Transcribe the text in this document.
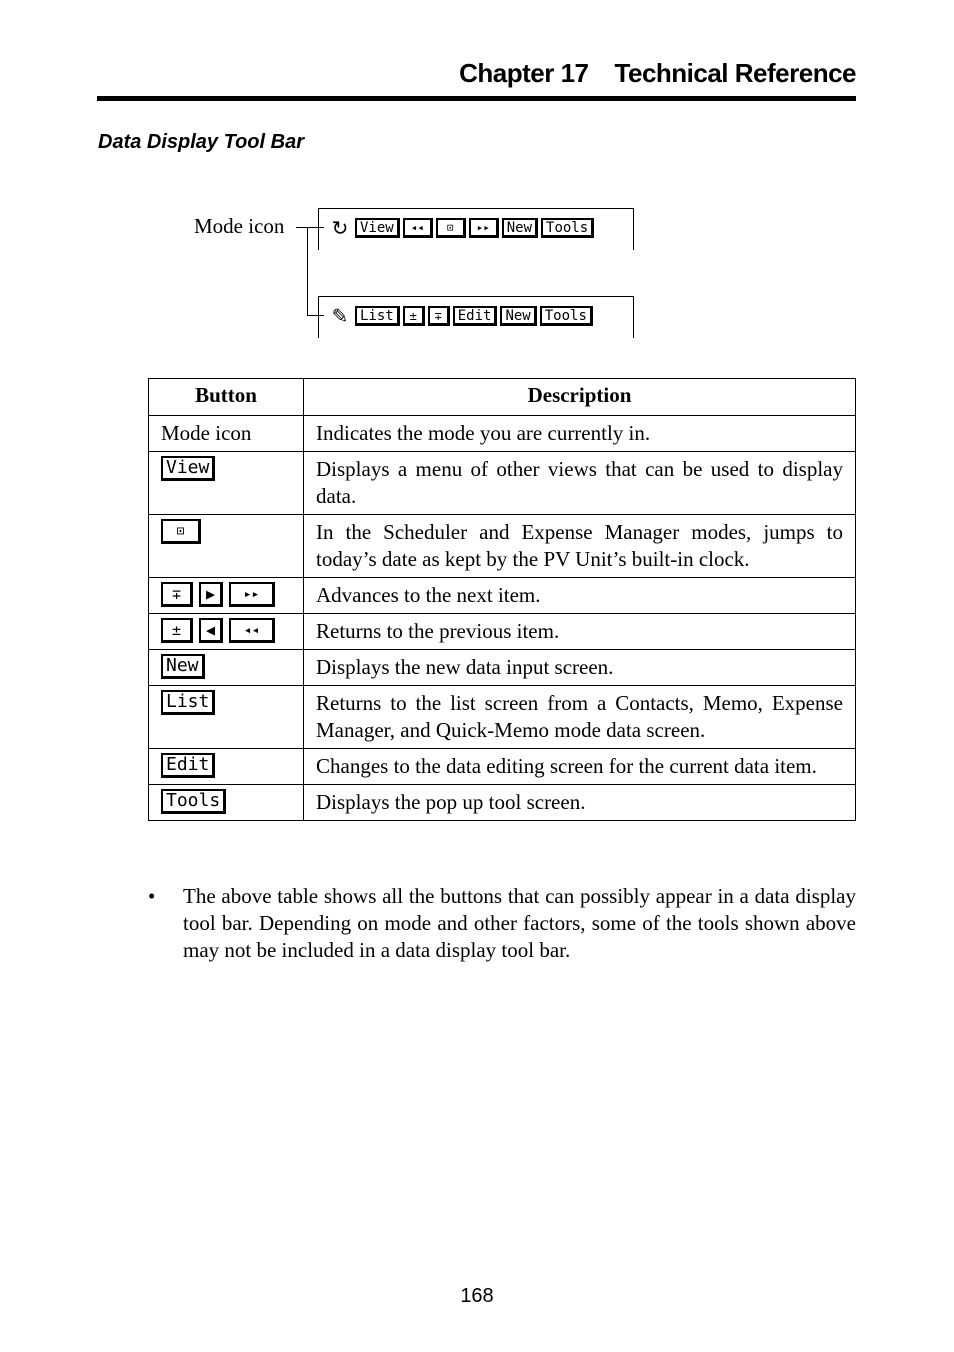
Chapter 17 Technical Reference
Data Display Tool Bar
Mode icon ↻ View	◂◂	⊡	▸▸	New	Tools
✎ List	±	∓	Edit	New	Tools
Button	Description
Mode icon	Indicates the mode you are currently in.

View	Displays a menu of other views that can be used to display data.

⊡	In the Scheduler and Expense Manager modes, jumps to today’s date as kept by the PV Unit’s built-in clock.

∓ ▶ ▸▸	Advances to the next item.

± ◀ ◂◂	Returns to the previous item.

New	Displays the new data input screen.

List	Returns to the list screen from a Contacts, Memo, Expense Manager, and Quick-Memo mode data screen.

Edit	Changes to the data editing screen for the current data item.

Tools	Displays the pop up tool screen.
•	The above table shows all the buttons that can possibly appear in a data display tool bar. Depending on mode and other factors, some of the tools shown above may not be included in a data display tool bar.
168
